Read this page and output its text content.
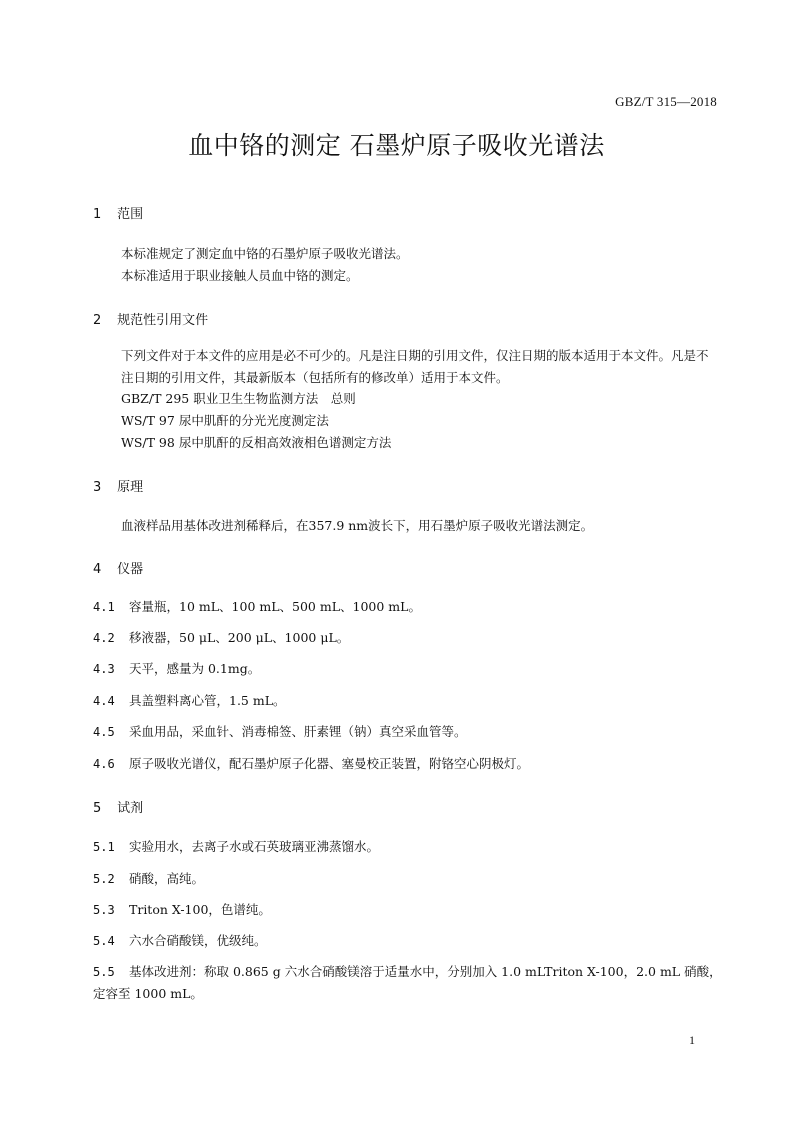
GBZ/T 315—2018
血中铬的测定 石墨炉原子吸收光谱法
1 范围
本标准规定了测定血中铬的石墨炉原子吸收光谱法。
本标准适用于职业接触人员血中铬的测定。
2 规范性引用文件
下列文件对于本文件的应用是必不可少的。凡是注日期的引用文件，仅注日期的版本适用于本文件。凡是不注日期的引用文件，其最新版本（包括所有的修改单）适用于本文件。
GBZ/T 295 职业卫生生物监测方法　总则
WS/T 97 尿中肌酐的分光光度测定法
WS/T 98 尿中肌酐的反相高效液相色谱测定方法
3 原理
血液样品用基体改进剂稀释后，在357.9 nm波长下，用石墨炉原子吸收光谱法测定。
4 仪器
4.1 容量瓶，10 mL、100 mL、500 mL、1000 mL。
4.2 移液器，50 μL、200 μL、1000 μL。
4.3 天平，感量为 0.1mg。
4.4 具盖塑料离心管，1.5 mL。
4.5 采血用品，采血针、消毒棉签、肝素锂（钠）真空采血管等。
4.6 原子吸收光谱仪，配石墨炉原子化器、塞曼校正装置，附铬空心阴极灯。
5 试剂
5.1 实验用水，去离子水或石英玻璃亚沸蒸馏水。
5.2 硝酸，高纯。
5.3 Triton X-100，色谱纯。
5.4 六水合硝酸镁，优级纯。
5.5 基体改进剂：称取 0.865 g 六水合硝酸镁溶于适量水中，分别加入 1.0 mLTriton X-100，2.0 mL 硝酸，定容至 1000 mL。
1
